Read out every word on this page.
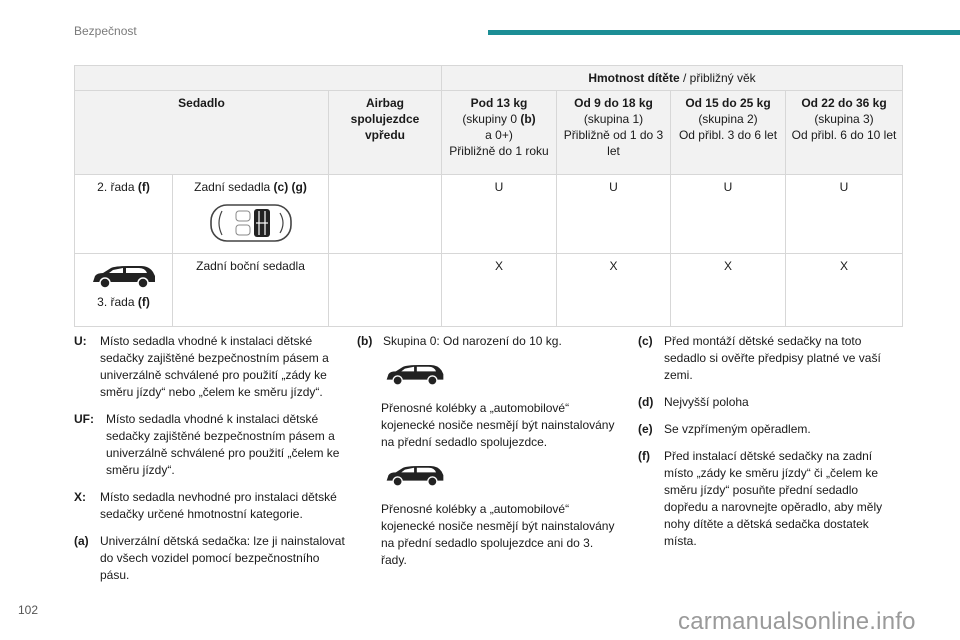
Bezpečnost
			Hmotnost dítěte / přibližný věk			
Sedadlo		Airbag spolujezdce vpředu	Pod 13 kg
(skupiny 0 (b)
a 0+)
Přibližně do 1 roku	Od 9 do 18 kg
(skupina 1)
Přibližně od 1 do 3 let	Od 15 do 25 kg
(skupina 2)
Od přibl. 3 do 6 let	Od 22 do 36 kg
(skupina 3)
Od přibl. 6 do 10 let
2. řada (f)	Zadní sedadla (c) (g)		U	U	U	U

3. řada (f)	Zadní boční sedadla		X	X	X	X
U: Místo sedadla vhodné k instalaci dětské sedačky zajištěné bezpečnostním pásem a univerzálně schválené pro použití „zády ke směru jízdy“ nebo „čelem ke směru jízdy“.
UF: Místo sedadla vhodné k instalaci dětské sedačky zajištěné bezpečnostním pásem a univerzálně schválené pro použití „čelem ke směru jízdy“.
X: Místo sedadla nevhodné pro instalaci dětské sedačky určené hmotnostní kategorie.
(a) Univerzální dětská sedačka: lze ji nainstalovat do všech vozidel pomocí bezpečnostního pásu.
(b) Skupina 0: Od narození do 10 kg.
Přenosné kolébky a „automobilové“ kojenecké nosiče nesmějí být nainstalovány na přední sedadlo spolujezdce.
Přenosné kolébky a „automobilové“ kojenecké nosiče nesmějí být nainstalovány na přední sedadlo spolujezdce ani do 3. řady.
(c) Před montáží dětské sedačky na toto sedadlo si ověřte předpisy platné ve vaší zemi.
(d) Nejvyšší poloha
(e) Se vzpřímeným opěradlem.
(f) Před instalací dětské sedačky na zadní místo „zády ke směru jízdy“ či „čelem ke směru jízdy“ posuňte přední sedadlo dopředu a narovnejte opěradlo, aby měly nohy dítěte a dětská sedačka dostatek místa.
102	carmanualsonline.info
